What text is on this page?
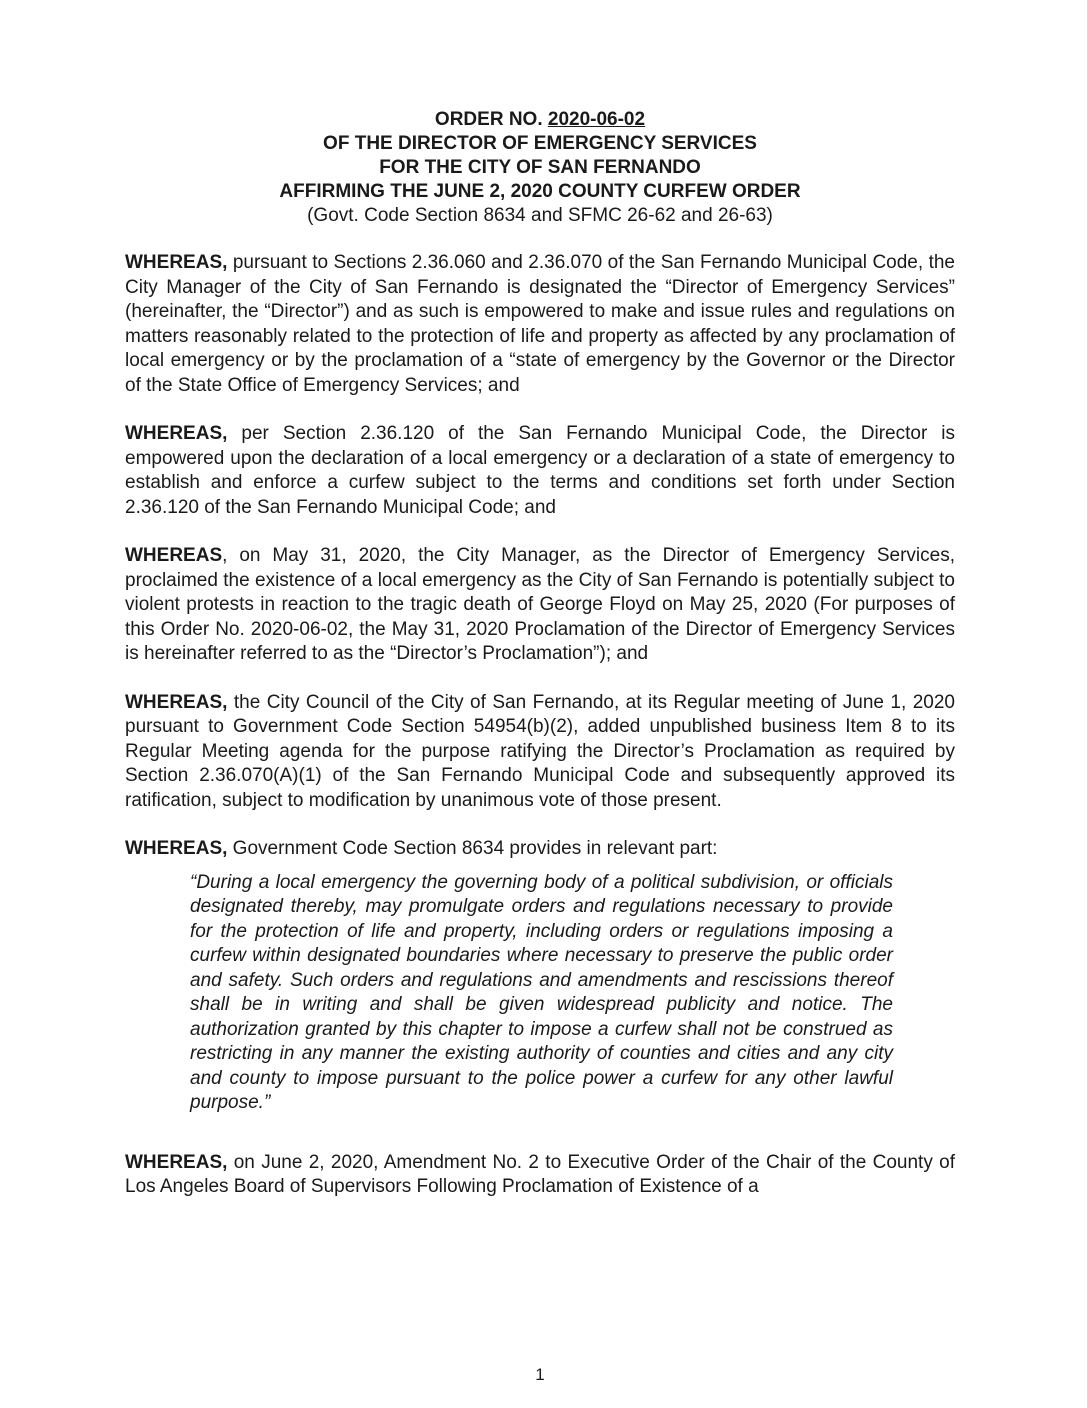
ORDER NO. 2020-06-02
OF THE DIRECTOR OF EMERGENCY SERVICES
FOR THE CITY OF SAN FERNANDO
AFFIRMING THE JUNE 2, 2020 COUNTY CURFEW ORDER
(Govt. Code Section 8634 and SFMC 26-62 and 26-63)

WHEREAS, pursuant to Sections 2.36.060 and 2.36.070 of the San Fernando Municipal Code, the City Manager of the City of San Fernando is designated the “Director of Emergency Services” (hereinafter, the “Director”) and as such is empowered to make and issue rules and regulations on matters reasonably related to the protection of life and property as affected by any proclamation of local emergency or by the proclamation of a “state of emergency by the Governor or the Director of the State Office of Emergency Services; and

WHEREAS, per Section 2.36.120 of the San Fernando Municipal Code, the Director is empowered upon the declaration of a local emergency or a declaration of a state of emergency to establish and enforce a curfew subject to the terms and conditions set forth under Section 2.36.120 of the San Fernando Municipal Code; and

WHEREAS, on May 31, 2020, the City Manager, as the Director of Emergency Services, proclaimed the existence of a local emergency as the City of San Fernando is potentially subject to violent protests in reaction to the tragic death of George Floyd on May 25, 2020 (For purposes of this Order No. 2020-06-02, the May 31, 2020 Proclamation of the Director of Emergency Services is hereinafter referred to as the “Director’s Proclamation”); and

WHEREAS, the City Council of the City of San Fernando, at its Regular meeting of June 1, 2020 pursuant to Government Code Section 54954(b)(2), added unpublished business Item 8 to its Regular Meeting agenda for the purpose ratifying the Director’s Proclamation as required by Section 2.36.070(A)(1) of the San Fernando Municipal Code and subsequently approved its ratification, subject to modification by unanimous vote of those present.

WHEREAS, Government Code Section 8634 provides in relevant part:

“During a local emergency the governing body of a political subdivision, or officials designated thereby, may promulgate orders and regulations necessary to provide for the protection of life and property, including orders or regulations imposing a curfew within designated boundaries where necessary to preserve the public order and safety. Such orders and regulations and amendments and rescissions thereof shall be in writing and shall be given widespread publicity and notice. The authorization granted by this chapter to impose a curfew shall not be construed as restricting in any manner the existing authority of counties and cities and any city and county to impose pursuant to the police power a curfew for any other lawful purpose.”

WHEREAS, on June 2, 2020, Amendment No. 2 to Executive Order of the Chair of the County of Los Angeles Board of Supervisors Following Proclamation of Existence of a

1
